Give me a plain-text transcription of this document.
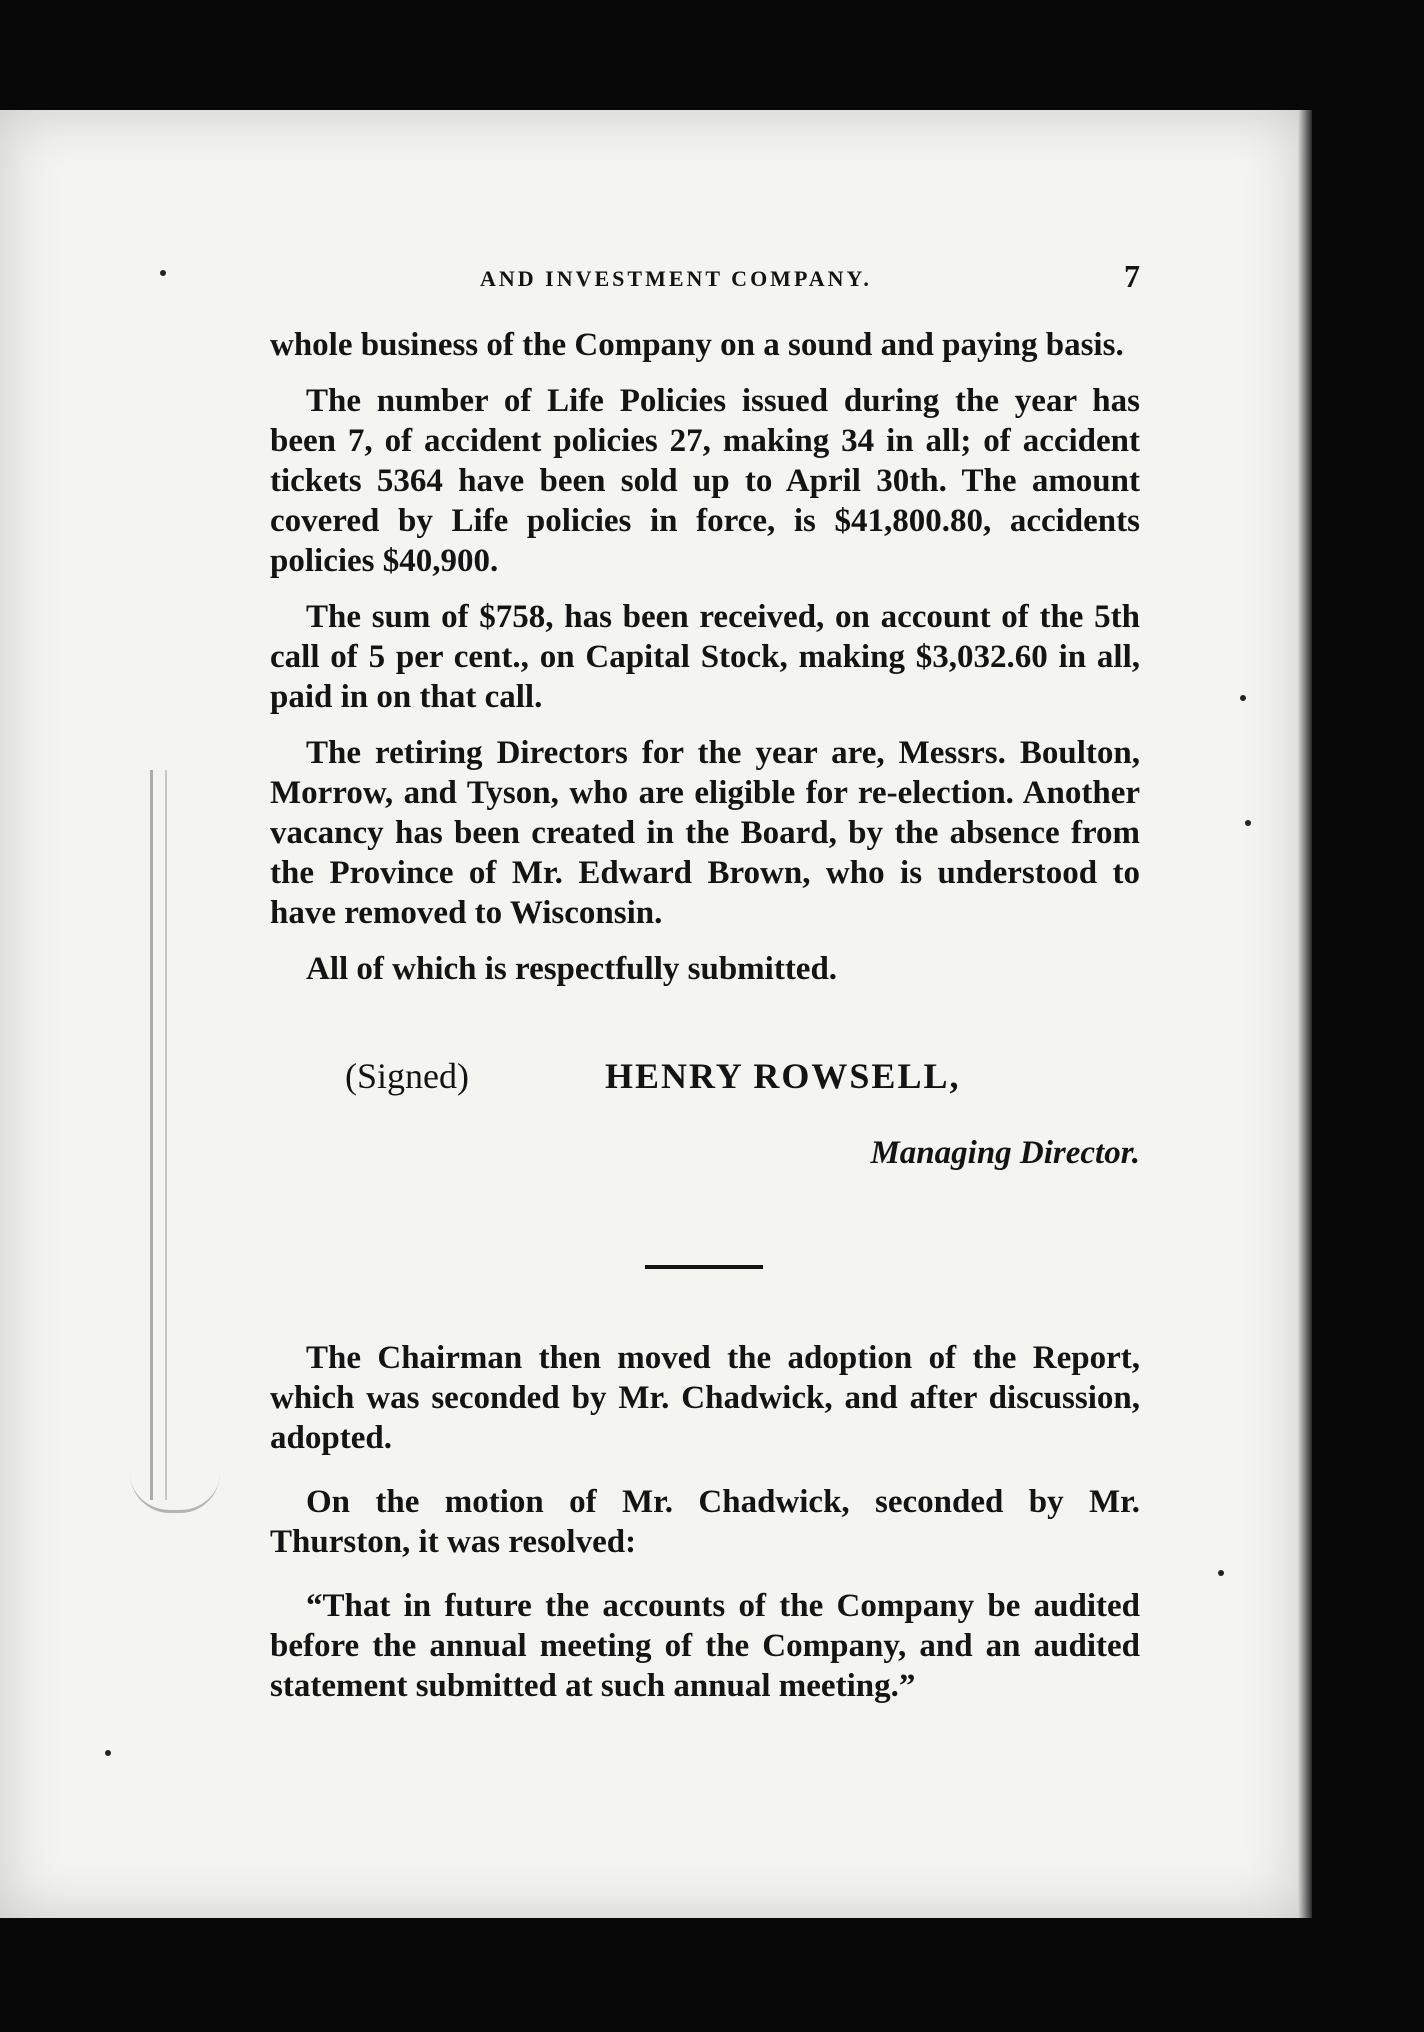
AND INVESTMENT COMPANY.	7

whole business of the Company on a sound and paying basis.

The number of Life Policies issued during the year has been 7, of accident policies 27, making 34 in all; of accident tickets 5364 have been sold up to April 30th. The amount covered by Life policies in force, is $41,800.80, accidents policies $40,900.

The sum of $758, has been received, on account of the 5th call of 5 per cent., on Capital Stock, making $3,032.60 in all, paid in on that call.

The retiring Directors for the year are, Messrs. Boulton, Morrow, and Tyson, who are eligible for re-election. Another vacancy has been created in the Board, by the absence from the Province of Mr. Edward Brown, who is understood to have removed to Wisconsin.

All of which is respectfully submitted.

(Signed)	HENRY ROWSELL,
Managing Director.

The Chairman then moved the adoption of the Report, which was seconded by Mr. Chadwick, and after discussion, adopted.

On the motion of Mr. Chadwick, seconded by Mr. Thurston, it was resolved:

“That in future the accounts of the Company be audited before the annual meeting of the Company, and an audited statement submitted at such annual meeting.”
